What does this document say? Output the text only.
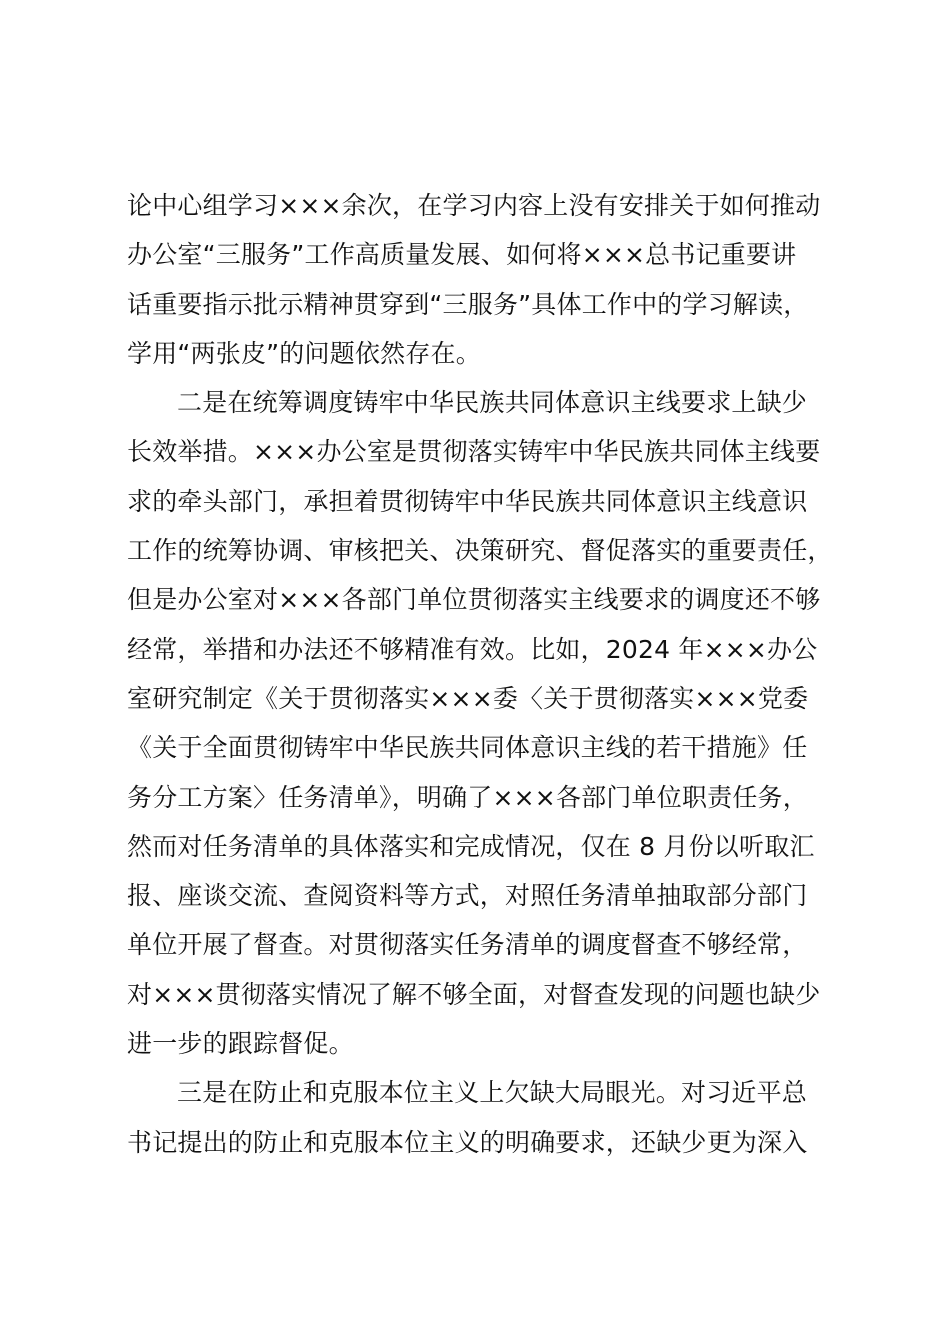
论中心组学习×××余次，在学习内容上没有安排关于如何推动
办公室“三服务”工作高质量发展、如何将×××总书记重要讲
话重要指示批示精神贯穿到“三服务”具体工作中的学习解读，
学用“两张皮”的问题依然存在。
二是在统筹调度铸牢中华民族共同体意识主线要求上缺少
长效举措。×××办公室是贯彻落实铸牢中华民族共同体主线要
求的牵头部门，承担着贯彻铸牢中华民族共同体意识主线意识
工作的统筹协调、审核把关、决策研究、督促落实的重要责任，
但是办公室对×××各部门单位贯彻落实主线要求的调度还不够
经常，举措和办法还不够精准有效。比如，2024 年×××办公
室研究制定《关于贯彻落实×××委〈关于贯彻落实×××党委
《关于全面贯彻铸牢中华民族共同体意识主线的若干措施》任
务分工方案〉任务清单》，明确了×××各部门单位职责任务，
然而对任务清单的具体落实和完成情况，仅在 8 月份以听取汇
报、座谈交流、查阅资料等方式，对照任务清单抽取部分部门
单位开展了督查。对贯彻落实任务清单的调度督查不够经常，
对×××贯彻落实情况了解不够全面，对督查发现的问题也缺少
进一步的跟踪督促。
三是在防止和克服本位主义上欠缺大局眼光。对习近平总
书记提出的防止和克服本位主义的明确要求，还缺少更为深入
